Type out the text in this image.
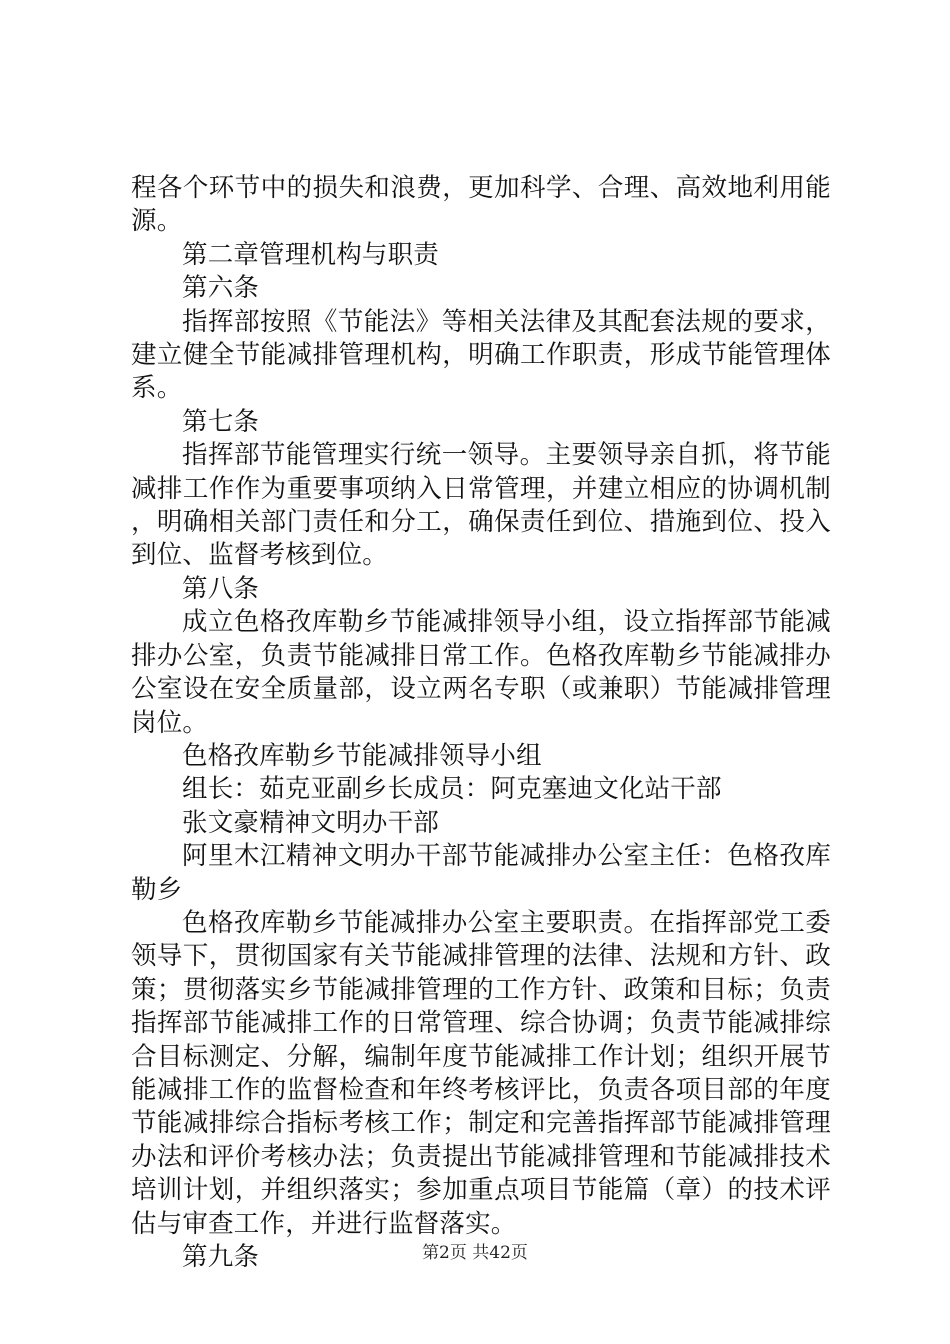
程各个环节中的损失和浪费，更加科学、合理、高效地利用能源。

第二章管理机构与职责

第六条

指挥部按照《节能法》等相关法律及其配套法规的要求，建立健全节能减排管理机构，明确工作职责，形成节能管理体系。

第七条

指挥部节能管理实行统一领导。主要领导亲自抓，将节能减排工作作为重要事项纳入日常管理，并建立相应的协调机制，明确相关部门责任和分工，确保责任到位、措施到位、投入到位、监督考核到位。

第八条

成立色格孜库勒乡节能减排领导小组，设立指挥部节能减排办公室，负责节能减排日常工作。色格孜库勒乡节能减排办公室设在安全质量部，设立两名专职（或兼职）节能减排管理岗位。

色格孜库勒乡节能减排领导小组

组长：茹克亚副乡长成员：阿克塞迪文化站干部

张文豪精神文明办干部

阿里木江精神文明办干部节能减排办公室主任：色格孜库勒乡

色格孜库勒乡节能减排办公室主要职责。在指挥部党工委领导下，贯彻国家有关节能减排管理的法律、法规和方针、政策；贯彻落实乡节能减排管理的工作方针、政策和目标；负责指挥部节能减排工作的日常管理、综合协调；负责节能减排综合目标测定、分解，编制年度节能减排工作计划；组织开展节能减排工作的监督检查和年终考核评比，负责各项目部的年度节能减排综合指标考核工作；制定和完善指挥部节能减排管理办法和评价考核办法；负责提出节能减排管理和节能减排技术培训计划，并组织落实；参加重点项目节能篇（章）的技术评估与审查工作，并进行监督落实。

第九条	第2页 共42页
